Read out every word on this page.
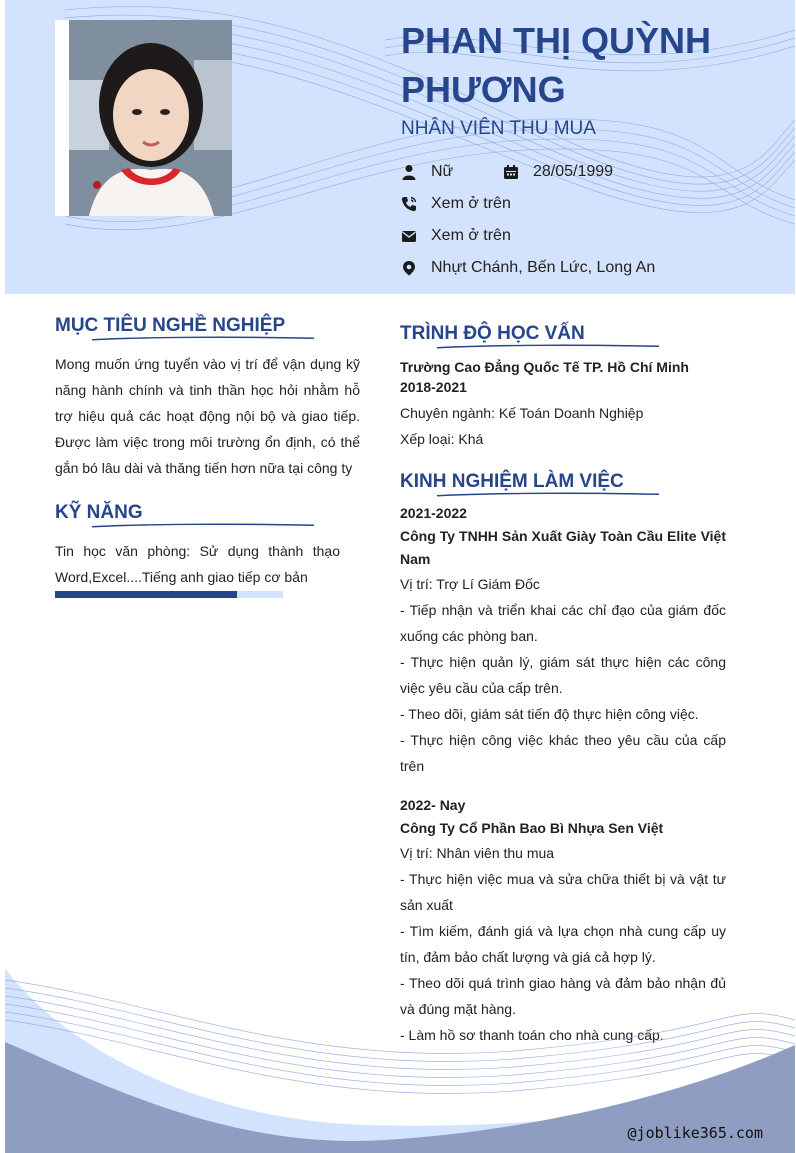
PHAN THỊ QUỲNH PHƯƠNG
NHÂN VIÊN THU MUA
Nữ	28/05/1999
Xem ở trên
Xem ở trên
Nhựt Chánh, Bến Lức, Long An
MỤC TIÊU NGHỀ NGHIỆP
Mong muốn ứng tuyển vào vị trí để vận dụng kỹ năng hành chính và tinh thần học hỏi nhằm hỗ trợ hiệu quả các hoạt động nội bộ và giao tiếp. Được làm việc trong môi trường ổn định, có thể gắn bó lâu dài và thăng tiến hơn nữa tại công ty
KỸ NĂNG
Tin học văn phòng: Sử dụng thành thạo Word,Excel....Tiếng anh giao tiếp cơ bản
TRÌNH ĐỘ HỌC VẤN
Trường Cao Đẳng Quốc Tế TP. Hồ Chí Minh
2018-2021
Chuyên ngành: Kế Toán Doanh Nghiệp
Xếp loại: Khá
KINH NGHIỆM LÀM VIỆC
2021-2022
Công Ty TNHH Sản Xuất Giày Toàn Cầu Elite Việt Nam
Vị trí: Trợ Lí Giám Đốc
- Tiếp nhận và triển khai các chỉ đạo của giám đốc xuống các phòng ban.
- Thực hiện quản lý, giám sát thực hiện các công việc yêu cầu của cấp trên.
- Theo dõi, giám sát tiến độ thực hiện công việc.
- Thực hiện công việc khác theo yêu cầu của cấp trên
2022- Nay
Công Ty Cổ Phần Bao Bì Nhựa Sen Việt
Vị trí: Nhân viên thu mua
- Thực hiện việc mua và sửa chữa thiết bị và vật tư sản xuất
- Tìm kiếm, đánh giá và lựa chọn nhà cung cấp uy tín, đảm bảo chất lượng và giá cả hợp lý.
- Theo dõi quá trình giao hàng và đảm bảo nhận đủ và đúng mặt hàng.
- Làm hồ sơ thanh toán cho nhà cung cấp.
@joblike365.com
